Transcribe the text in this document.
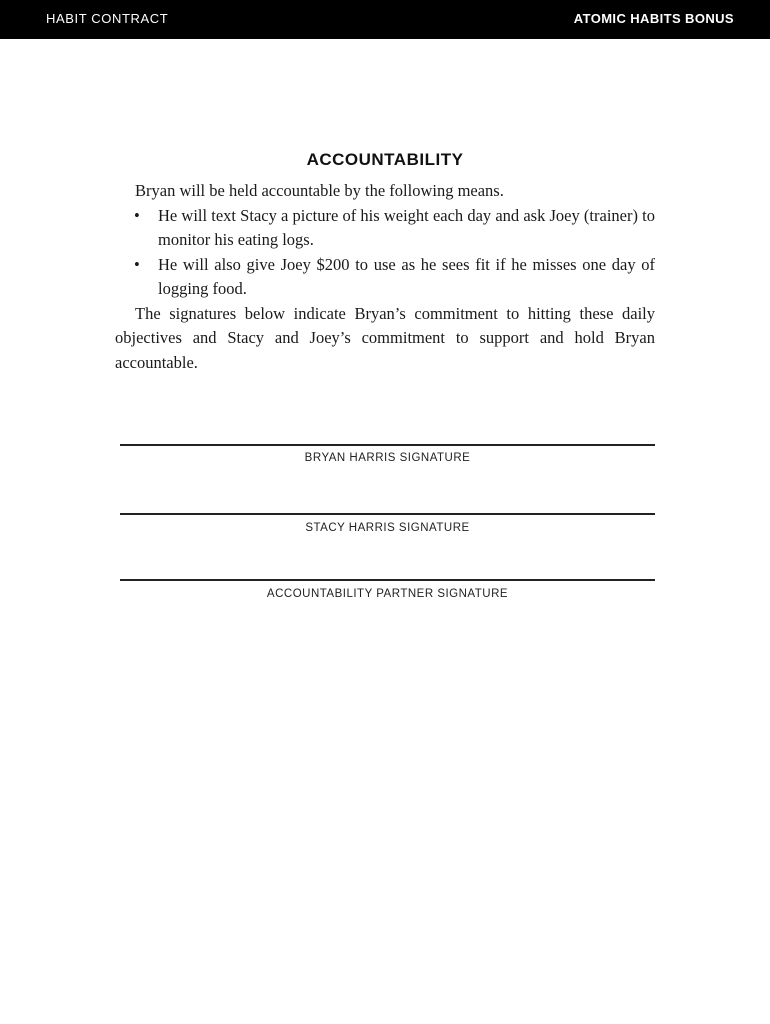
HABIT CONTRACT	ATOMIC HABITS BONUS
ACCOUNTABILITY

Bryan will be held accountable by the following means.

• He will text Stacy a picture of his weight each day and ask Joey (trainer) to monitor his eating logs.
• He will also give Joey $200 to use as he sees fit if he misses one day of logging food.

The signatures below indicate Bryan’s commitment to hitting these daily objectives and Stacy and Joey’s commitment to support and hold Bryan accountable.

BRYAN HARRIS SIGNATURE
STACY HARRIS SIGNATURE
ACCOUNTABILITY PARTNER SIGNATURE
